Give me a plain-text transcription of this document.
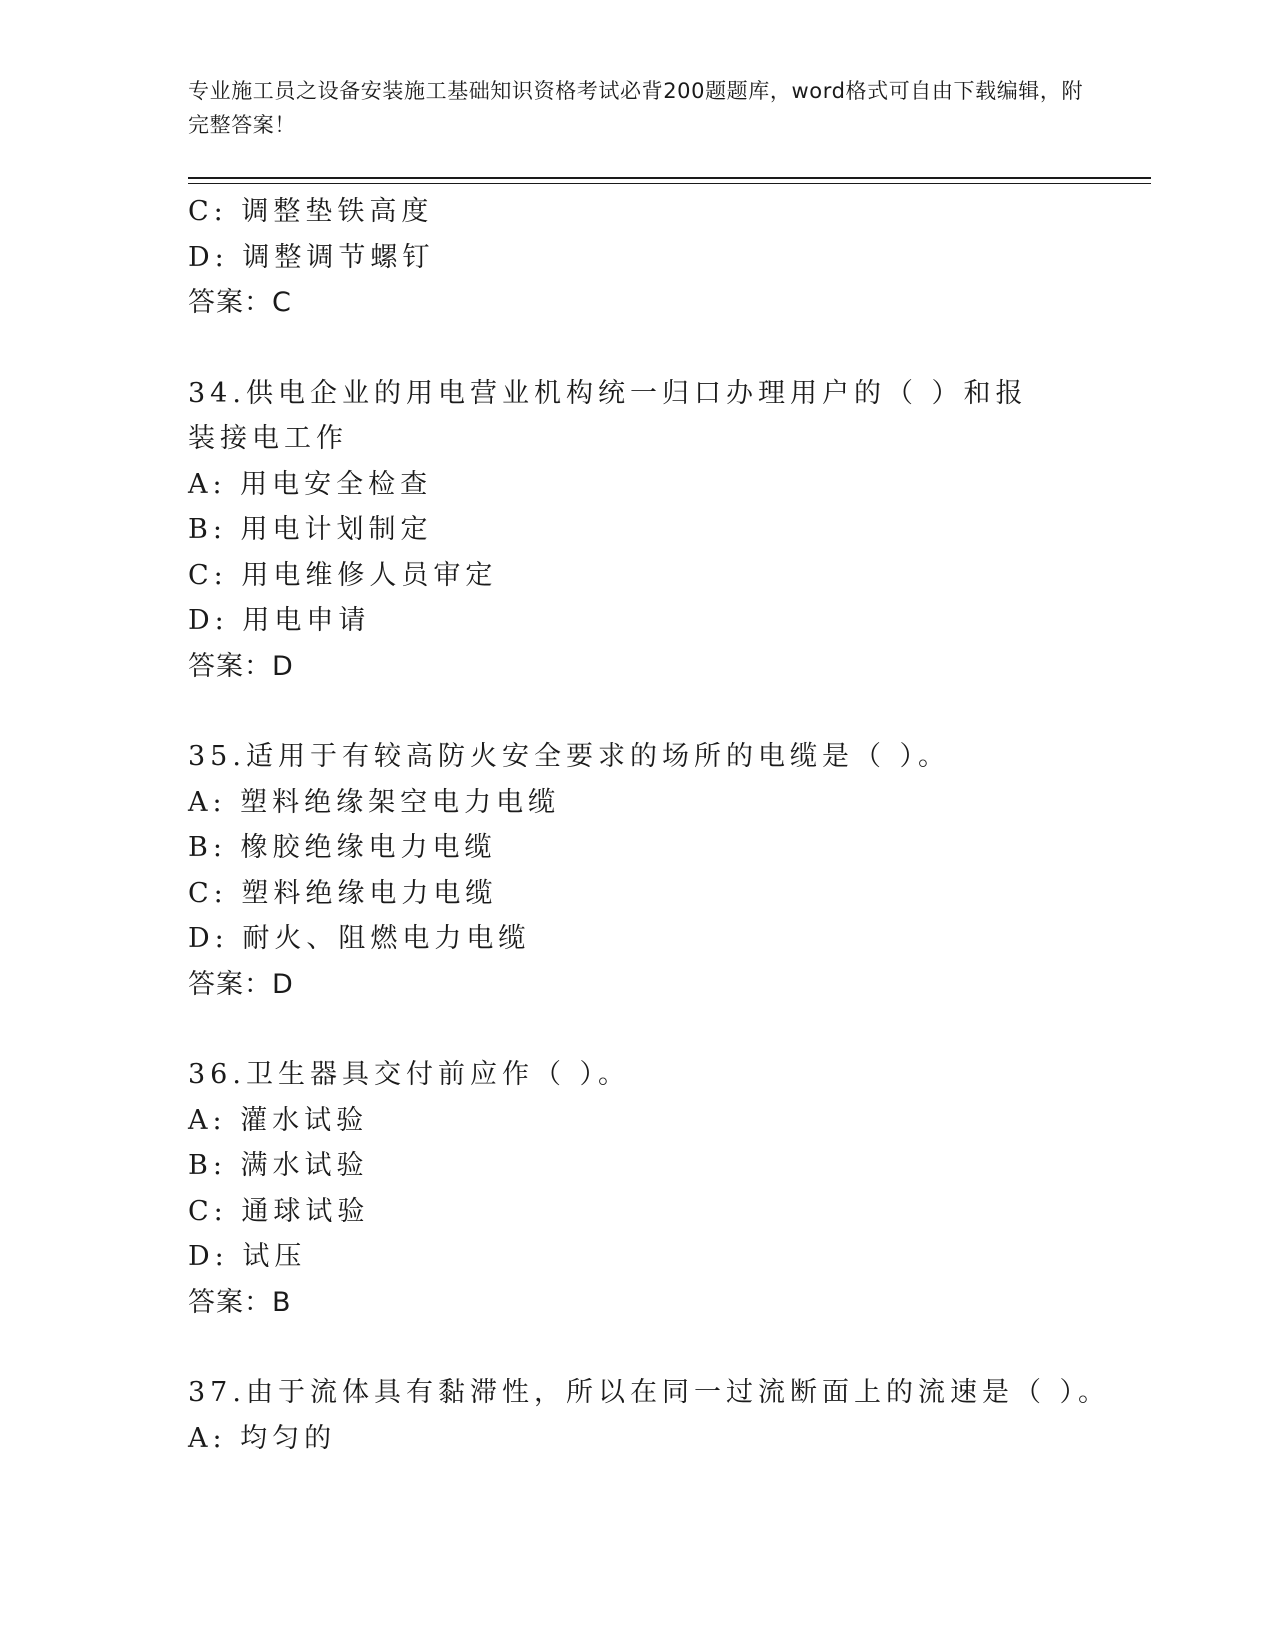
专业施工员之设备安装施工基础知识资格考试必背200题题库，word格式可自由下载编辑，附完整答案！
C: 调整垫铁高度
D: 调整调节螺钉
答案：C
34.供电企业的用电营业机构统一归口办理用户的（ ）和报装接电工作
A: 用电安全检查
B: 用电计划制定
C: 用电维修人员审定
D: 用电申请
答案：D
35.适用于有较高防火安全要求的场所的电缆是（ ）。
A: 塑料绝缘架空电力电缆
B: 橡胶绝缘电力电缆
C: 塑料绝缘电力电缆
D: 耐火、阻燃电力电缆
答案：D
36.卫生器具交付前应作（ ）。
A: 灌水试验
B: 满水试验
C: 通球试验
D: 试压
答案：B
37.由于流体具有黏滞性，所以在同一过流断面上的流速是（ ）。
A: 均匀的
